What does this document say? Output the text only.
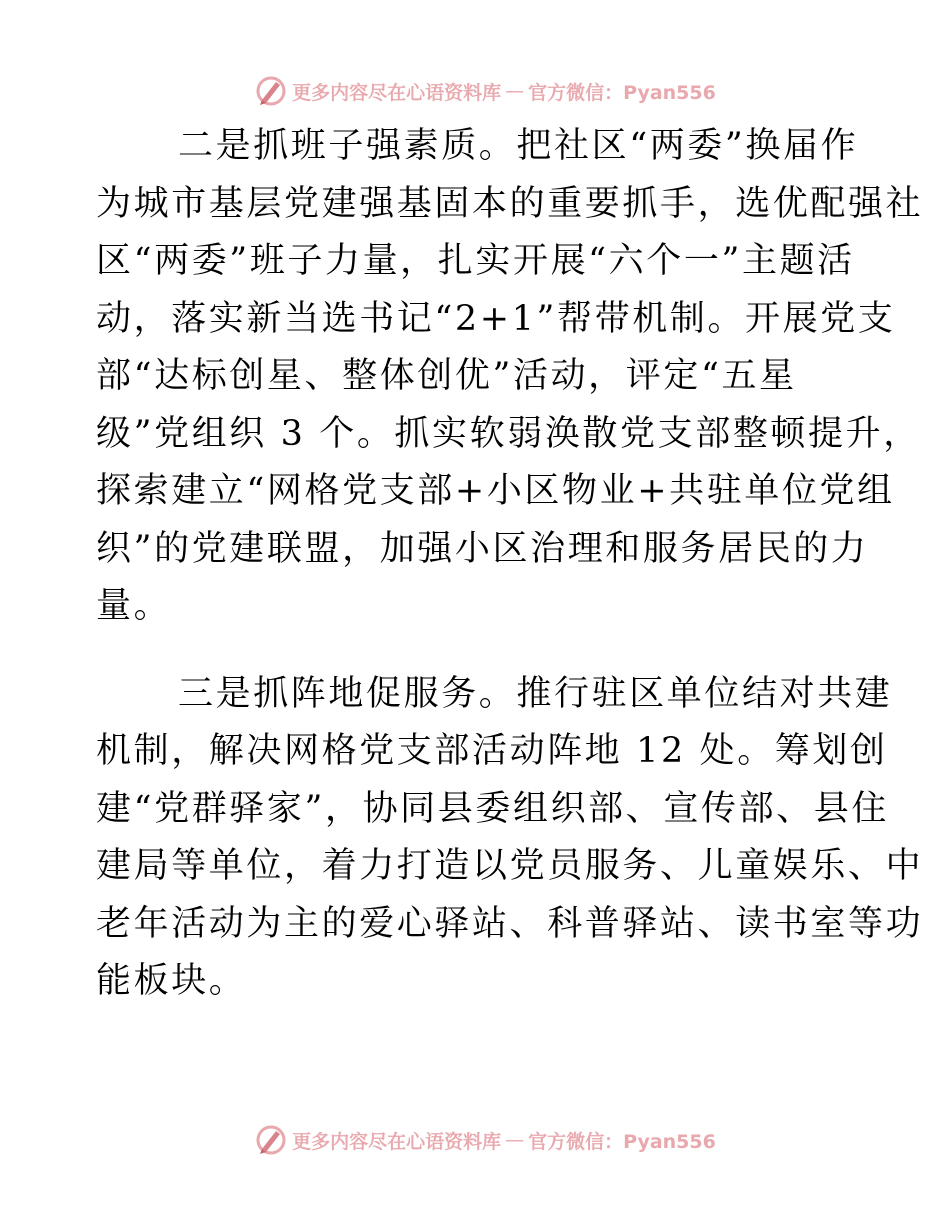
更多内容尽在心语资料库 — 官方微信：Pyan556

二是抓班子强素质。把社区“两委”换届作
为城市基层党建强基固本的重要抓手，选优配强社
区“两委”班子力量，扎实开展“六个一”主题活
动，落实新当选书记“2+1”帮带机制。开展党支
部“达标创星、整体创优”活动，评定“五星
级”党组织 3 个。抓实软弱涣散党支部整顿提升，
探索建立“网格党支部+小区物业+共驻单位党组
织”的党建联盟，加强小区治理和服务居民的力
量。

三是抓阵地促服务。推行驻区单位结对共建
机制，解决网格党支部活动阵地 12 处。筹划创
建“党群驿家”，协同县委组织部、宣传部、县住
建局等单位，着力打造以党员服务、儿童娱乐、中
老年活动为主的爱心驿站、科普驿站、读书室等功
能板块。

更多内容尽在心语资料库 — 官方微信：Pyan556
